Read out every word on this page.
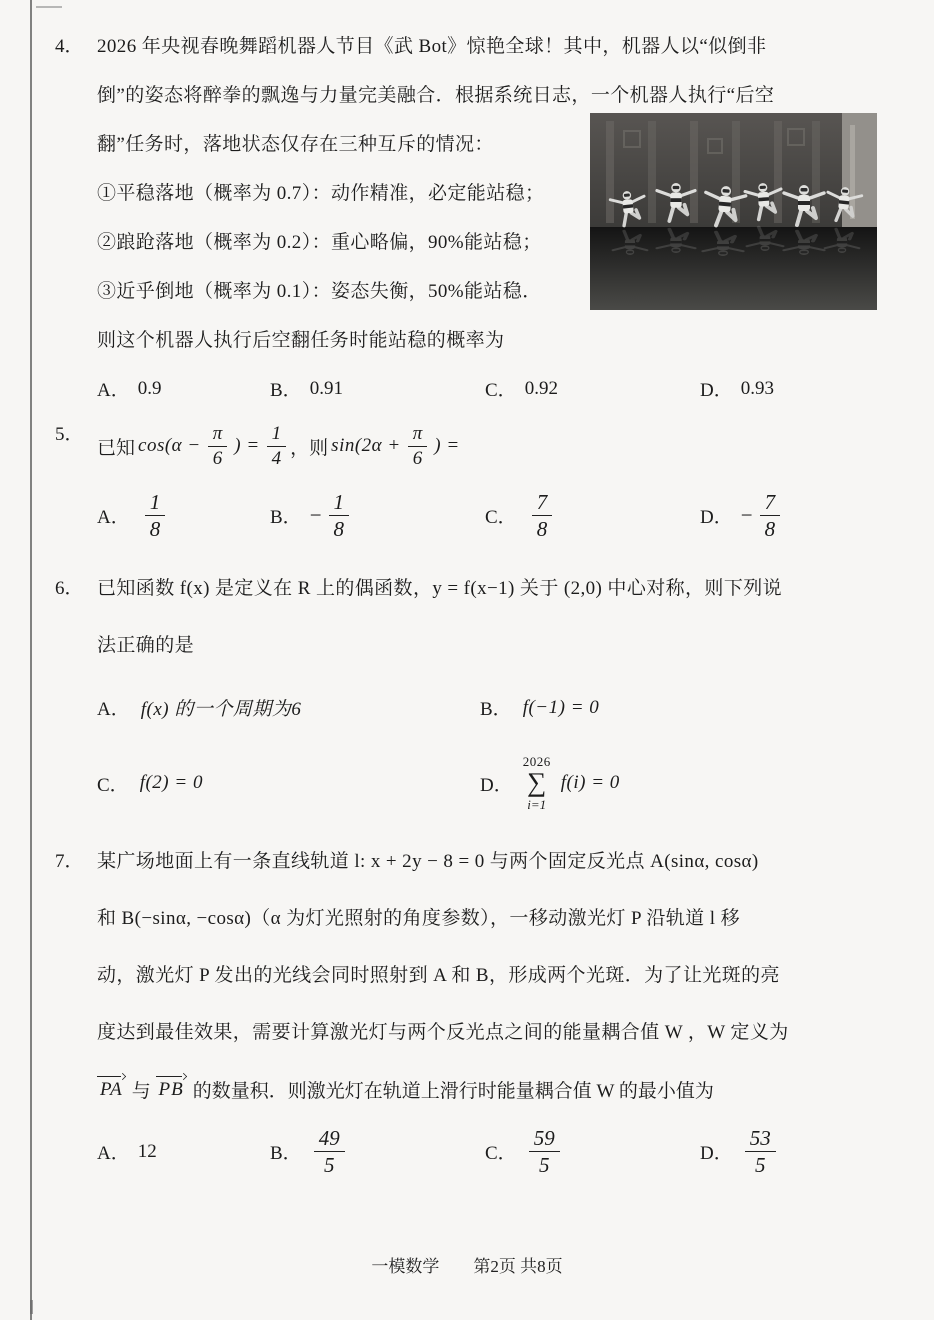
4． 2026 年央视春晚舞蹈机器人节目《武 Bot》惊艳全球！其中，机器人以“似倒非
倒”的姿态将醉拳的飘逸与力量完美融合．根据系统日志，一个机器人执行“后空
翻”任务时，落地状态仅存在三种互斥的情况：
①平稳落地（概率为 0.7）：动作精准，必定能站稳；
②踉跄落地（概率为 0.2）：重心略偏，90%能站稳；
③近乎倒地（概率为 0.1）：姿态失衡，50%能站稳．
则这个机器人执行后空翻任务时能站稳的概率为
A． 0.9	B． 0.91	C． 0.92	D． 0.93
5．
已知 $\cos(\alpha - \frac{\pi}{6}$ ) = $\frac{1}{4}$ ，则 $\sin(2\alpha + \frac{\pi}{6}$ ) =
A． $\frac{1}{8}$	B． − $\frac{1}{8}$	C． $\frac{7}{8}$	D． − $\frac{7}{8}$
6． 已知函数 f(x) 是定义在 R 上的偶函数，y = f(x−1) 关于 (2,0) 中心对称，则下列说
法正确的是
A． f(x) 的一个周期为6	B． f(−1) = 0
C． f(2) = 0	D．
2026
∑
i=1
f(i) = 0
7． 某广场地面上有一条直线轨道 l: x + 2y − 8 = 0 与两个固定反光点 A(sinα, cosα)
和 B(−sinα, −cosα)（α 为灯光照射的角度参数），一移动激光灯 P 沿轨道 l 移
动，激光灯 P 发出的光线会同时照射到 A 和 B，形成两个光斑．为了让光斑的亮
度达到最佳效果，需要计算激光灯与两个反光点之间的能量耦合值 W ，W 定义为
PA 与
PB 的数量积．则激光灯在轨道上滑行时能量耦合值 W 的最小值为
A． 12	B． $\frac{49}{5}$	C． $\frac{59}{5}$	D． $\frac{53}{5}$
一模数学 第2页 共8页
